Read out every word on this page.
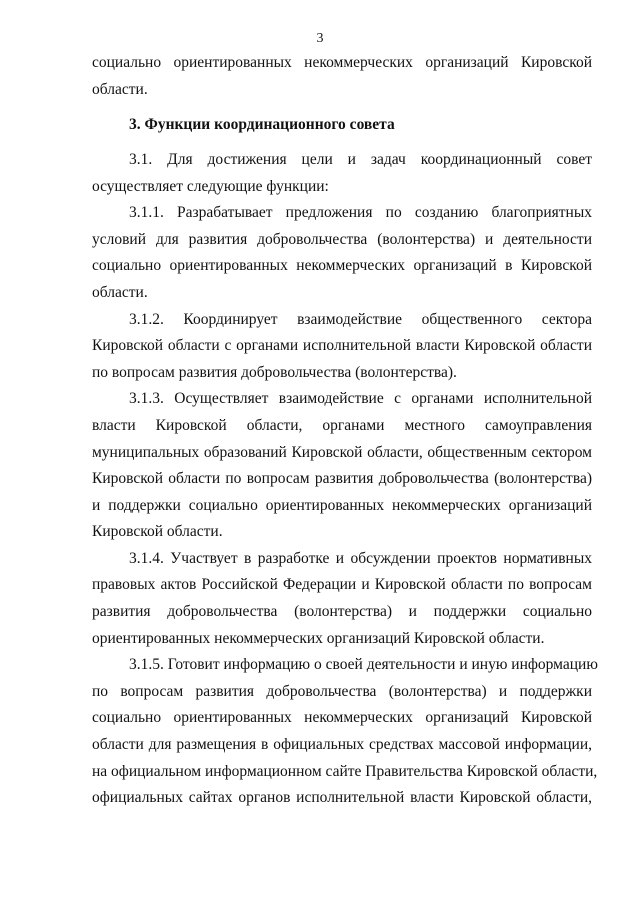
3
социально ориентированных некоммерческих организаций Кировской
области.
3. Функции координационного совета
3.1. Для достижения цели и задач координационный совет
осуществляет следующие функции:
3.1.1. Разрабатывает предложения по созданию благоприятных
условий для развития добровольчества (волонтерства) и деятельности
социально ориентированных некоммерческих организаций в Кировской
области.
3.1.2. Координирует взаимодействие общественного сектора
Кировской области с органами исполнительной власти Кировской области
по вопросам развития добровольчества (волонтерства).
3.1.3. Осуществляет взаимодействие с органами исполнительной
власти Кировской области, органами местного самоуправления
муниципальных образований Кировской области, общественным сектором
Кировской области по вопросам развития добровольчества (волонтерства)
и поддержки социально ориентированных некоммерческих организаций
Кировской области.
3.1.4. Участвует в разработке и обсуждении проектов нормативных
правовых актов Российской Федерации и Кировской области по вопросам
развития добровольчества (волонтерства) и поддержки социально
ориентированных некоммерческих организаций Кировской области.
3.1.5. Готовит информацию о своей деятельности и иную информацию
по вопросам развития добровольчества (волонтерства) и поддержки
социально ориентированных некоммерческих организаций Кировской
области для размещения в официальных средствах массовой информации,
на официальном информационном сайте Правительства Кировской области,
официальных сайтах органов исполнительной власти Кировской области,
